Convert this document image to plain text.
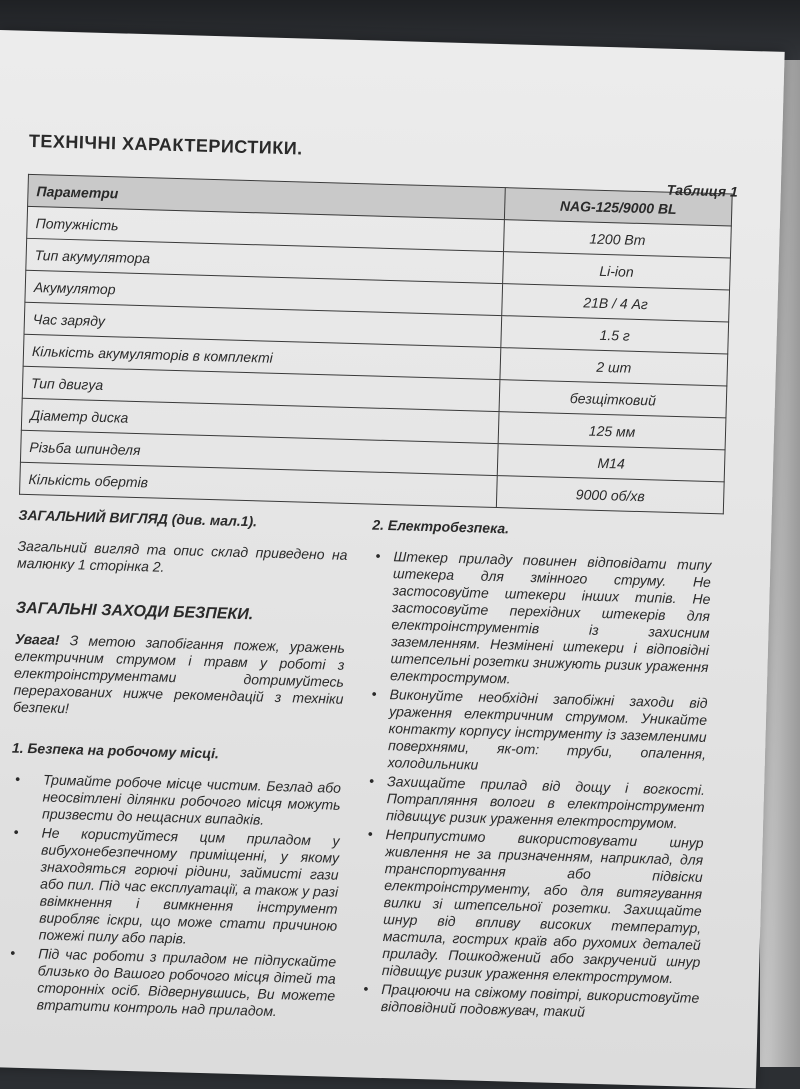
ТЕХНІЧНІ ХАРАКТЕРИСТИКИ.
Таблиця 1
Параметри	NAG-125/9000 BL
Потужність	1200 Вт
Тип акумулятора	Li-ion
Акумулятор	21В / 4 Аг
Час заряду	1.5 г
Кількість акумуляторів в комплекті	2 шт
Тип двигуа	безщітковий
Діаметр диска	125 мм
Різьба шпинделя	М14
Кількість обертів	9000 об/хв
ЗАГАЛЬНИЙ ВИГЛЯД (див. мал.1).
Загальний вигляд та опис склад приведено на малюнку 1 сторінка 2.
ЗАГАЛЬНІ ЗАХОДИ БЕЗПЕКИ.
Увага! З метою запобігання пожеж, уражень електричним струмом і травм у роботі з електроінструментами дотримуйтесь перерахованих нижче рекомендацій з техніки безпеки!
1. Безпека на робочому місці.
• Тримайте робоче місце чистим. Безлад або неосвітлені ділянки робочого місця можуть призвести до нещасних випадків.
• Не користуйтеся цим приладом у вибухонебезпечному приміщенні, у якому знаходяться горючі рідини, займисті гази або пил. Під час експлуатації, а також у разі ввімкнення і вимкнення інструмент виробляє іскри, що може стати причиною пожежі пилу або парів.
• Під час роботи з приладом не підпускайте близько до Вашого робочого місця дітей та сторонніх осіб. Відвернувшись, Ви можете втратити контроль над приладом.
2. Електробезпека.
• Штекер приладу повинен відповідати типу штекера для змінного струму. Не застосовуйте штекери інших типів. Не застосовуйте перехідних штекерів для електроінструментів із захисним заземленням. Незмінені штекери і відповідні штепсельні розетки знижують ризик ураження електрострумом.
• Виконуйте необхідні запобіжні заходи від ураження електричним струмом. Уникайте контакту корпусу інструменту із заземленими поверхнями, як-от: труби, опалення, холодильники
• Захищайте прилад від дощу і вогкості. Потрапляння вологи в електроінструмент підвищує ризик ураження електрострумом.
• Неприпустимо використовувати шнур живлення не за призначенням, наприклад, для транспортування або підвіски електроінструменту, або для витягування вилки зі штепсельної розетки. Захищайте шнур від впливу високих температур, мастила, гострих країв або рухомих деталей приладу. Пошкоджений або закручений шнур підвищує ризик ураження електрострумом.
• Працюючи на свіжому повітрі, використовуйте відповідний подовжувач, такий
